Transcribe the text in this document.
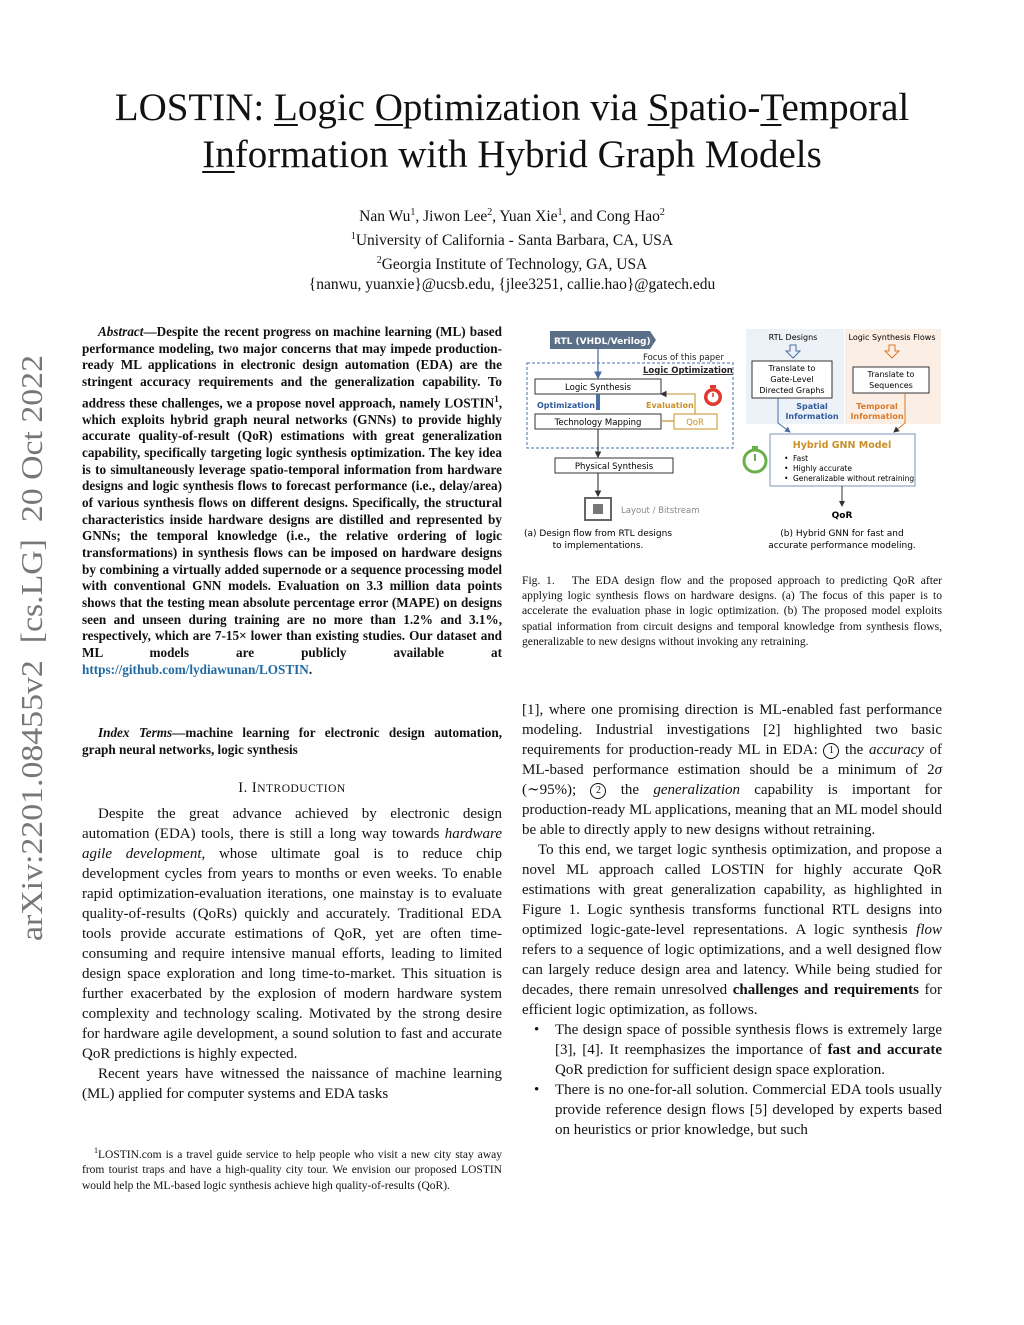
arXiv:2201.08455v2  [cs.LG]  20 Oct 2022
LOSTIN: Logic Optimization via Spatio-Temporal
Information with Hybrid Graph Models
Nan Wu$^1$, Jiwon Lee$^2$, Yuan Xie$^1$, and Cong Hao$^2$
$^1$University of California - Santa Barbara, CA, USA
$^2$Georgia Institute of Technology, GA, USA
{nanwu, yuanxie}@ucsb.edu, {jlee3251, callie.hao}@gatech.edu
Abstract—Despite the recent progress on machine learning (ML) based performance modeling, two major concerns that may impede production-ready ML applications in electronic design automation (EDA) are the stringent accuracy requirements and the generalization capability. To address these challenges, we a propose novel approach, namely LOSTIN$^1$, which exploits hybrid graph neural networks (GNNs) to provide highly accurate quality-of-result (QoR) estimations with great generalization capability, specifically targeting logic synthesis optimization. The key idea is to simultaneously leverage spatio-temporal information from hardware designs and logic synthesis flows to forecast performance (i.e., delay/area) of various synthesis flows on different designs. Specifically, the structural characteristics inside hardware designs are distilled and represented by GNNs; the temporal knowledge (i.e., the relative ordering of logic transformations) in synthesis flows can be imposed on hardware designs by combining a virtually added supernode or a sequence processing model with conventional GNN models. Evaluation on 3.3 million data points shows that the testing mean absolute percentage error (MAPE) on designs seen and unseen during training are no more than 1.2% and 3.1%, respectively, which are 7-15× lower than existing studies. Our dataset and ML models are publicly available at https://github.com/lydiawunan/LOSTIN.
Index Terms—machine learning for electronic design automation, graph neural networks, logic synthesis
I. INTRODUCTION

Despite the great advance achieved by electronic design automation (EDA) tools, there is still a long way towards hardware agile development, whose ultimate goal is to reduce chip development cycles from years to months or even weeks. To enable rapid optimization-evaluation iterations, one mainstay is to evaluate quality-of-results (QoRs) quickly and accurately. Traditional EDA tools provide accurate estimations of QoR, yet are often time-consuming and require intensive manual efforts, leading to limited design space exploration and long time-to-market. This situation is further exacerbated by the explosion of modern hardware system complexity and technology scaling. Motivated by the strong desire for hardware agile development, a sound solution to fast and accurate QoR predictions is highly expected.

Recent years have witnessed the naissance of machine learning (ML) applied for computer systems and EDA tasks

$^1$LOSTIN.com is a travel guide service to help people who visit a new city stay away from tourist traps and have a high-quality city tour. We envision our proposed LOSTIN would help the ML-based logic synthesis achieve high quality-of-results (QoR).

RTL (VHDL/Verilog)
Focus of this paper
Logic Optimization
Logic Synthesis
Optimization	Evaluation
Technology Mapping	QoR
Physical Synthesis
Layout / Bitstream
(a) Design flow from RTL designs
to implementations.
RTL Designs	Logic Synthesis Flows
Translate to
Gate-Level
Directed Graphs
Translate to
Sequences
Spatial
Information
Temporal
Information
Hybrid GNN Model
• Fast
• Highly accurate
• Generalizable without retraining
QoR
(b) Hybrid GNN for fast and
accurate performance modeling.
Fig. 1. The EDA design flow and the proposed approach to predicting QoR after applying logic synthesis flows on hardware designs. (a) The focus of this paper is to accelerate the evaluation phase in logic optimization. (b) The proposed model exploits spatial information from circuit designs and temporal knowledge from synthesis flows, generalizable to new designs without invoking any retraining.

[1], where one promising direction is ML-enabled fast performance modeling. Industrial investigations [2] highlighted two basic requirements for production-ready ML in EDA: 1 the accuracy of ML-based performance estimation should be a minimum of 2σ (∼95%); 2 the generalization capability is important for production-ready ML applications, meaning that an ML model should be able to directly apply to new designs without retraining.

To this end, we target logic synthesis optimization, and propose a novel ML approach called LOSTIN for highly accurate QoR estimations with great generalization capability, as highlighted in Figure 1. Logic synthesis transforms functional RTL designs into optimized logic-gate-level representations. A logic synthesis flow refers to a sequence of logic optimizations, and a well designed flow can largely reduce design area and latency. While being studied for decades, there remain unresolved challenges and requirements for efficient logic optimization, as follows.

• The design space of possible synthesis flows is extremely large [3], [4]. It reemphasizes the importance of fast and accurate QoR prediction for sufficient design space exploration.
• There is no one-for-all solution. Commercial EDA tools usually provide reference design flows [5] developed by experts based on heuristics or prior knowledge, but such
